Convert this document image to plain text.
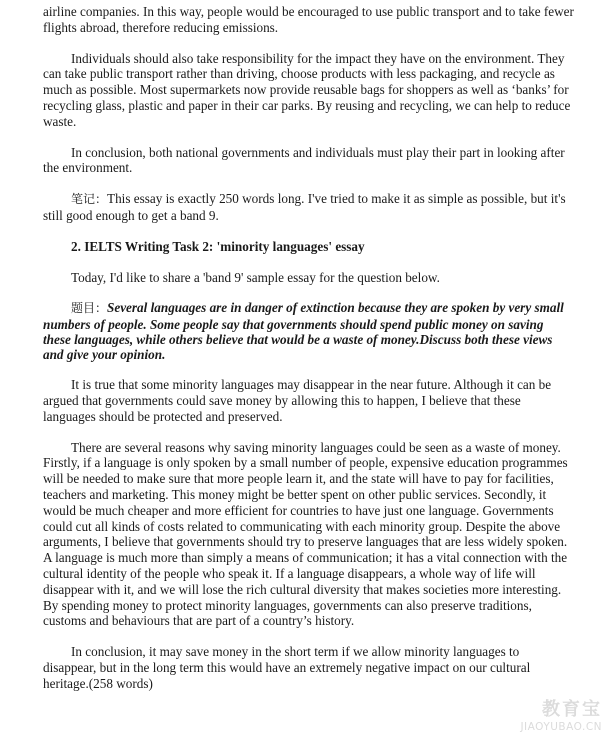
airline companies. In this way, people would be encouraged to use public transport and to take fewer flights abroad, therefore reducing emissions.

Individuals should also take responsibility for the impact they have on the environment. They can take public transport rather than driving, choose products with less packaging, and recycle as much as possible. Most supermarkets now provide reusable bags for shoppers as well as ‘banks’ for recycling glass, plastic and paper in their car parks. By reusing and recycling, we can help to reduce waste.

In conclusion, both national governments and individuals must play their part in looking after the environment.

笔记：This essay is exactly 250 words long. I've tried to make it as simple as possible, but it's still good enough to get a band 9.

2. IELTS Writing Task 2: 'minority languages' essay

Today, I'd like to share a 'band 9' sample essay for the question below.

题目：Several languages are in danger of extinction because they are spoken by very small numbers of people. Some people say that governments should spend public money on saving these languages, while others believe that would be a waste of money.Discuss both these views and give your opinion.

It is true that some minority languages may disappear in the near future. Although it can be argued that governments could save money by allowing this to happen, I believe that these languages should be protected and preserved.

There are several reasons why saving minority languages could be seen as a waste of money. Firstly, if a language is only spoken by a small number of people, expensive education programmes will be needed to make sure that more people learn it, and the state will have to pay for facilities, teachers and marketing. This money might be better spent on other public services. Secondly, it would be much cheaper and more efficient for countries to have just one language. Governments could cut all kinds of costs related to communicating with each minority group. Despite the above arguments, I believe that governments should try to preserve languages that are less widely spoken. A language is much more than simply a means of communication; it has a vital connection with the cultural identity of the people who speak it. If a language disappears, a whole way of life will disappear with it, and we will lose the rich cultural diversity that makes societies more interesting. By spending money to protect minority languages, governments can also preserve traditions, customs and behaviours that are part of a country’s history.

In conclusion, it may save money in the short term if we allow minority languages to disappear, but in the long term this would have an extremely negative impact on our cultural heritage.(258 words)

教育宝
JIAOYUBAO.CN
